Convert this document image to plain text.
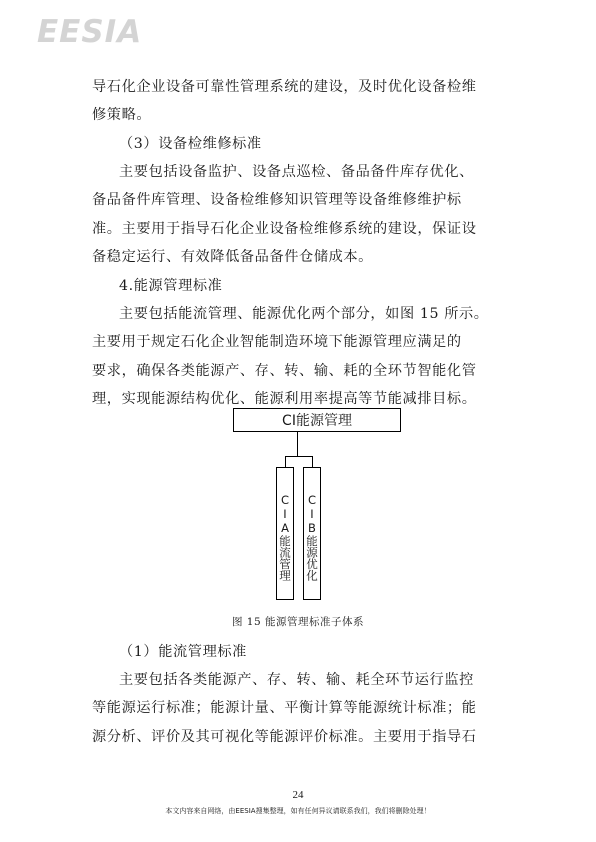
EESIA
导石化企业设备可靠性管理系统的建设，及时优化设备检维
修策略。
（3）设备检维修标准
主要包括设备监护、设备点巡检、备品备件库存优化、
备品备件库管理、设备检维修知识管理等设备维修维护标
准。主要用于指导石化企业设备检维修系统的建设，保证设
备稳定运行、有效降低备品备件仓储成本。
4.能源管理标准
主要包括能流管理、能源优化两个部分，如图 15 所示。
主要用于规定石化企业智能制造环境下能源管理应满足的
要求，确保各类能源产、存、转、输、耗的全环节智能化管
理，实现能源结构优化、能源利用率提高等节能减排目标。
CI能源管理
CIA能流管理 CIB能源优化
图 15 能源管理标准子体系
（1）能流管理标准
主要包括各类能源产、存、转、输、耗全环节运行监控
等能源运行标准；能源计量、平衡计算等能源统计标准；能
源分析、评价及其可视化等能源评价标准。主要用于指导石
24
本文内容来自网络，由EESIA搜集整理，如有任何异议请联系我们，我们将删除处理！
